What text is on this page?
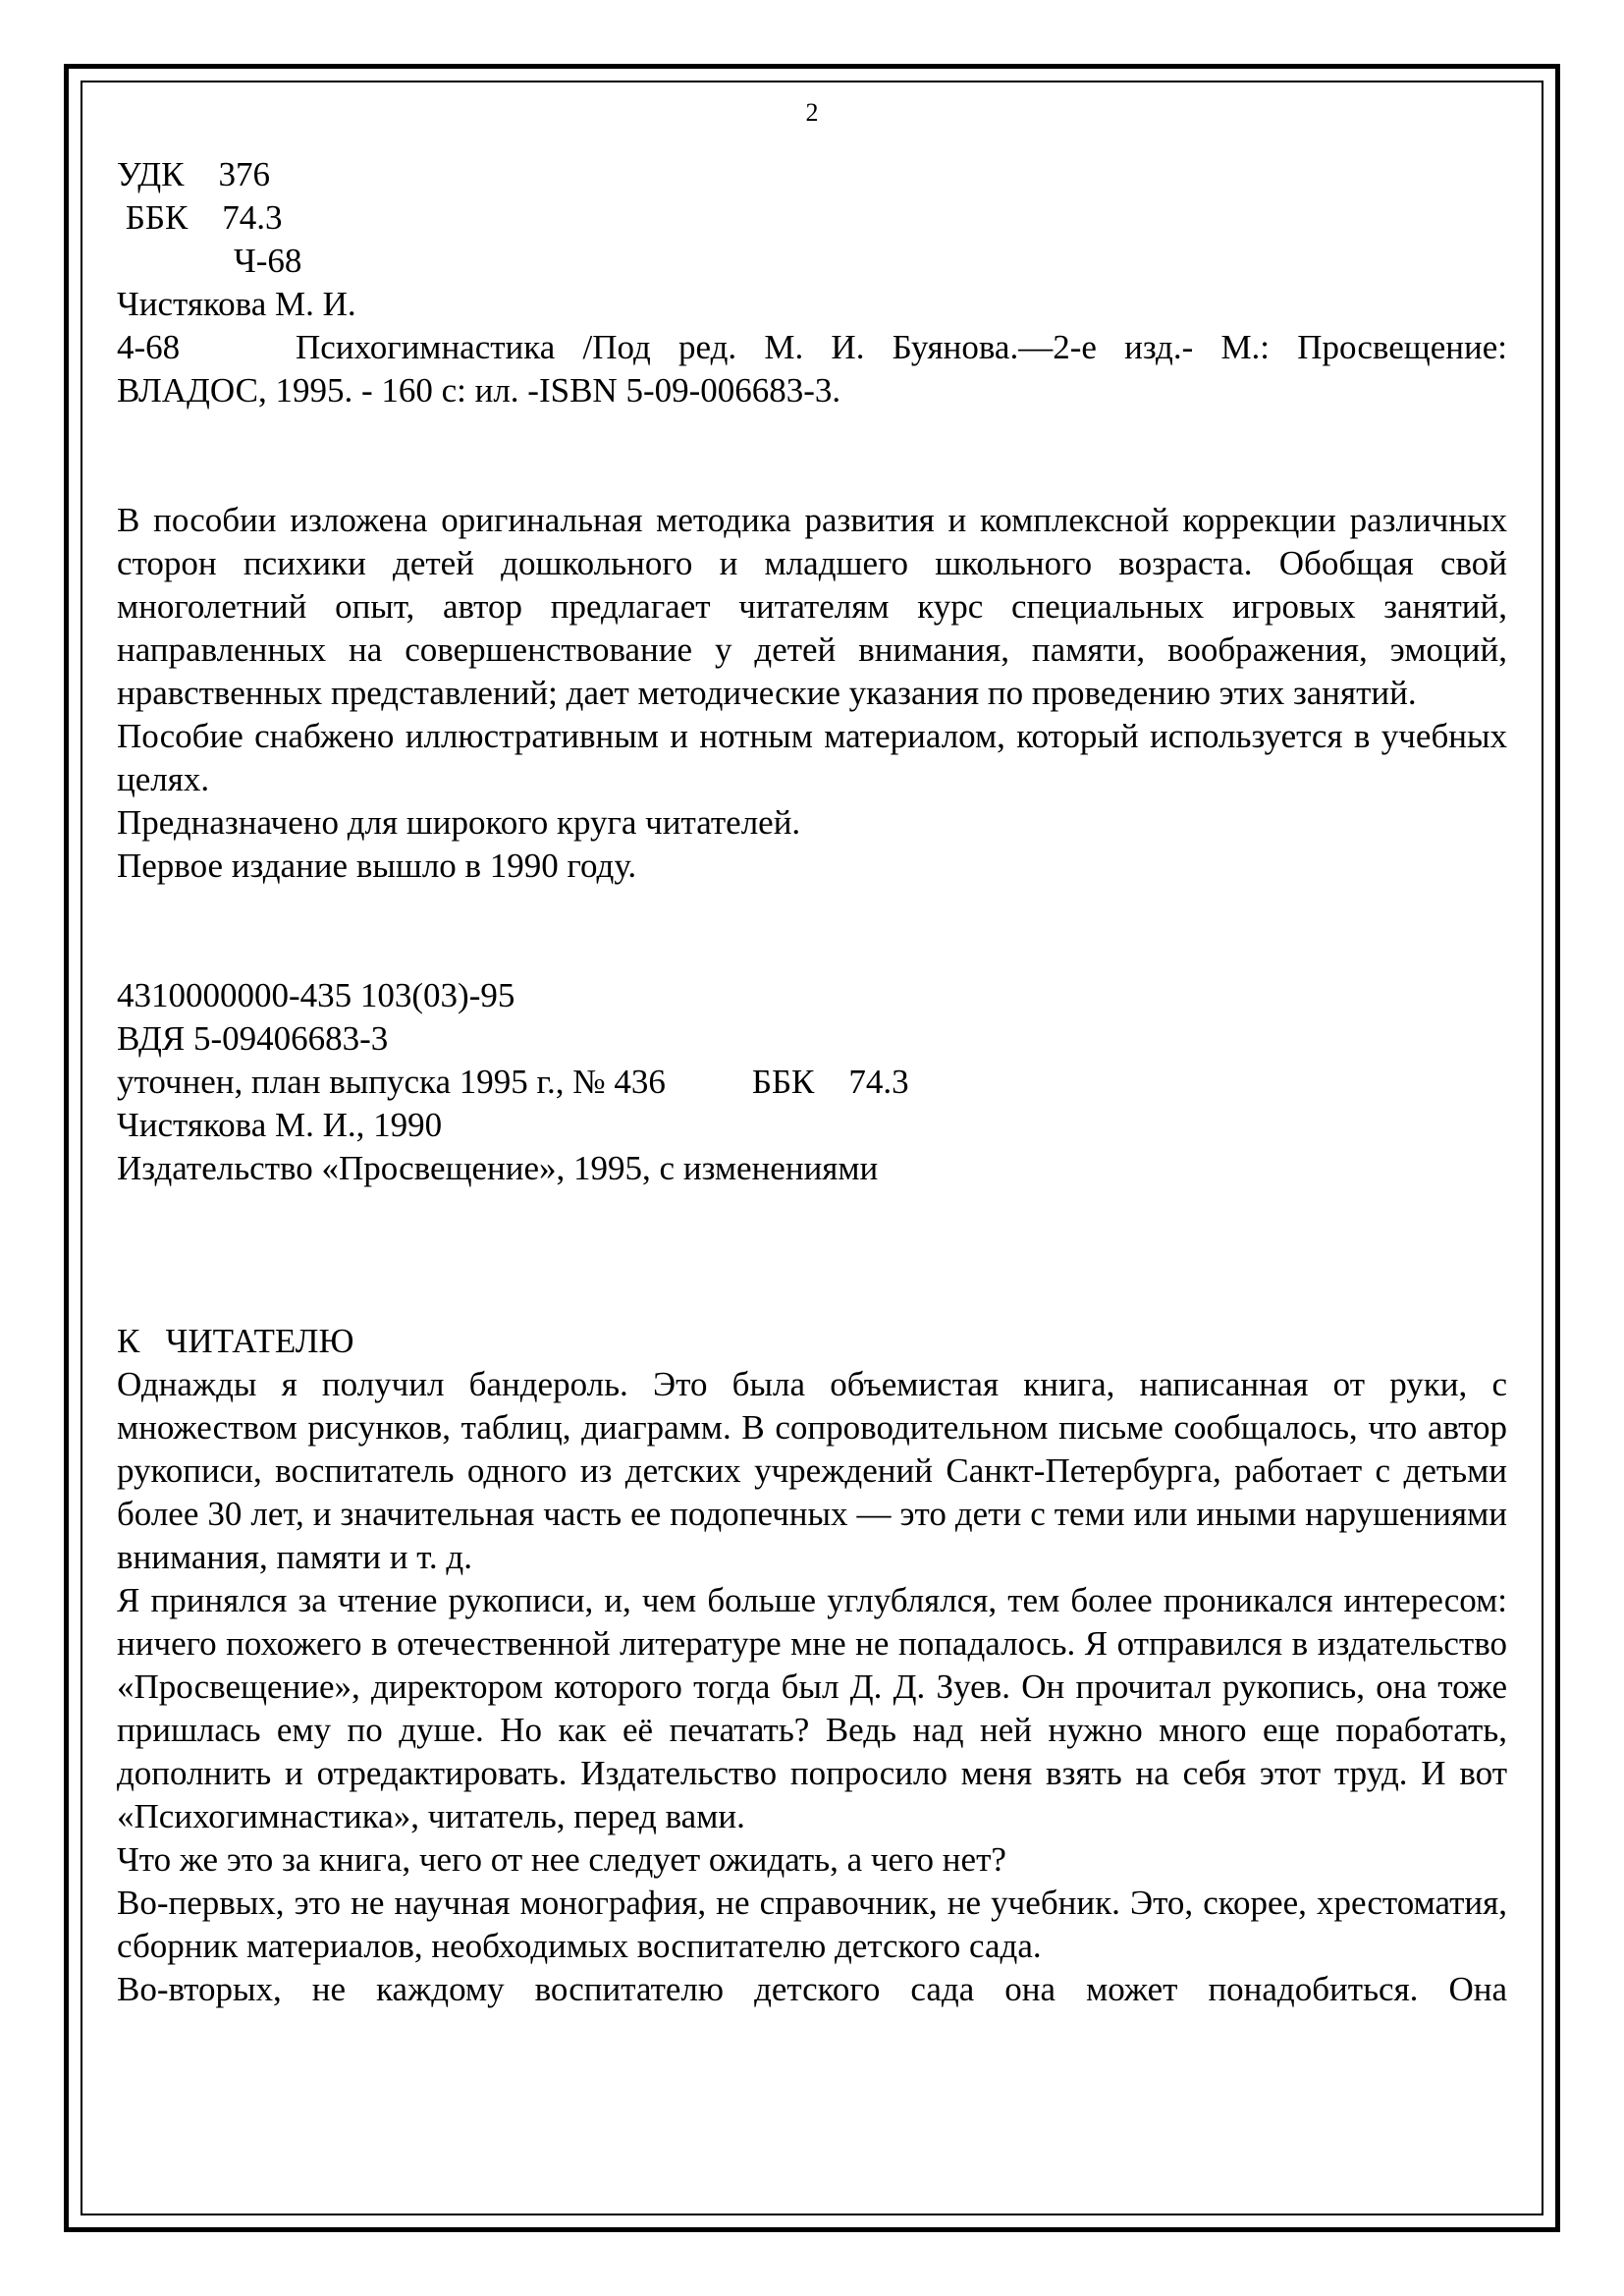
2
УДК    376
ББК    74.3
Ч-68
Чистякова М. И.
4-68	Психогимнастика /Под ред. М. И. Буянова.—2-е изд.- М.: Просвещение:
ВЛАДОС, 1995. - 160 с: ил. -ISBN 5-09-006683-3.
В пособии изложена оригинальная методика развития и комплексной коррекции различных сторон психики детей дошкольного и младшего школьного возраста. Обобщая свой многолетний опыт, автор предлагает читателям курс специальных игровых занятий, направленных на совершенствование у детей внимания, памяти, воображения, эмоций, нравственных представлений; дает методические указания по проведению этих занятий.
Пособие снабжено иллюстративным и нотным материалом, который используется в учебных целях.
Предназначено для широкого круга читателей.
Первое издание вышло в 1990 году.
4310000000-435 103(03)-95
ВДЯ 5-09406683-3
уточнен, план выпуска 1995 г., № 436	ББК    74.3
Чистякова М. И., 1990
Издательство «Просвещение», 1995, с изменениями
К   ЧИТАТЕЛЮ
Однажды я получил бандероль. Это была объемистая книга, написанная от руки, с множеством рисунков, таблиц, диаграмм. В сопроводительном письме сообщалось, что автор рукописи, воспитатель одного из детских учреждений Санкт-Петербурга, работает с детьми более 30 лет, и значительная часть ее подопечных — это дети с теми или иными нарушениями внимания, памяти и т. д.
Я принялся за чтение рукописи, и, чем больше углублялся, тем более проникался интересом: ничего похожего в отечественной литературе мне не попадалось. Я отправился в издательство «Просвещение», директором которого тогда был Д. Д. Зуев. Он прочитал рукопись, она тоже пришлась ему по душе. Но как её печатать? Ведь над ней нужно много еще поработать, дополнить и отредактировать. Издательство попросило меня взять на себя этот труд. И вот «Психогимнастика», читатель, перед вами.
Что же это за книга, чего от нее следует ожидать, а чего нет?
Во-первых, это не научная монография, не справочник, не учебник. Это, скорее, хрестоматия, сборник материалов, необходимых воспитателю детского сада.
Во-вторых, не каждому воспитателю детского сада она может понадобиться. Она
